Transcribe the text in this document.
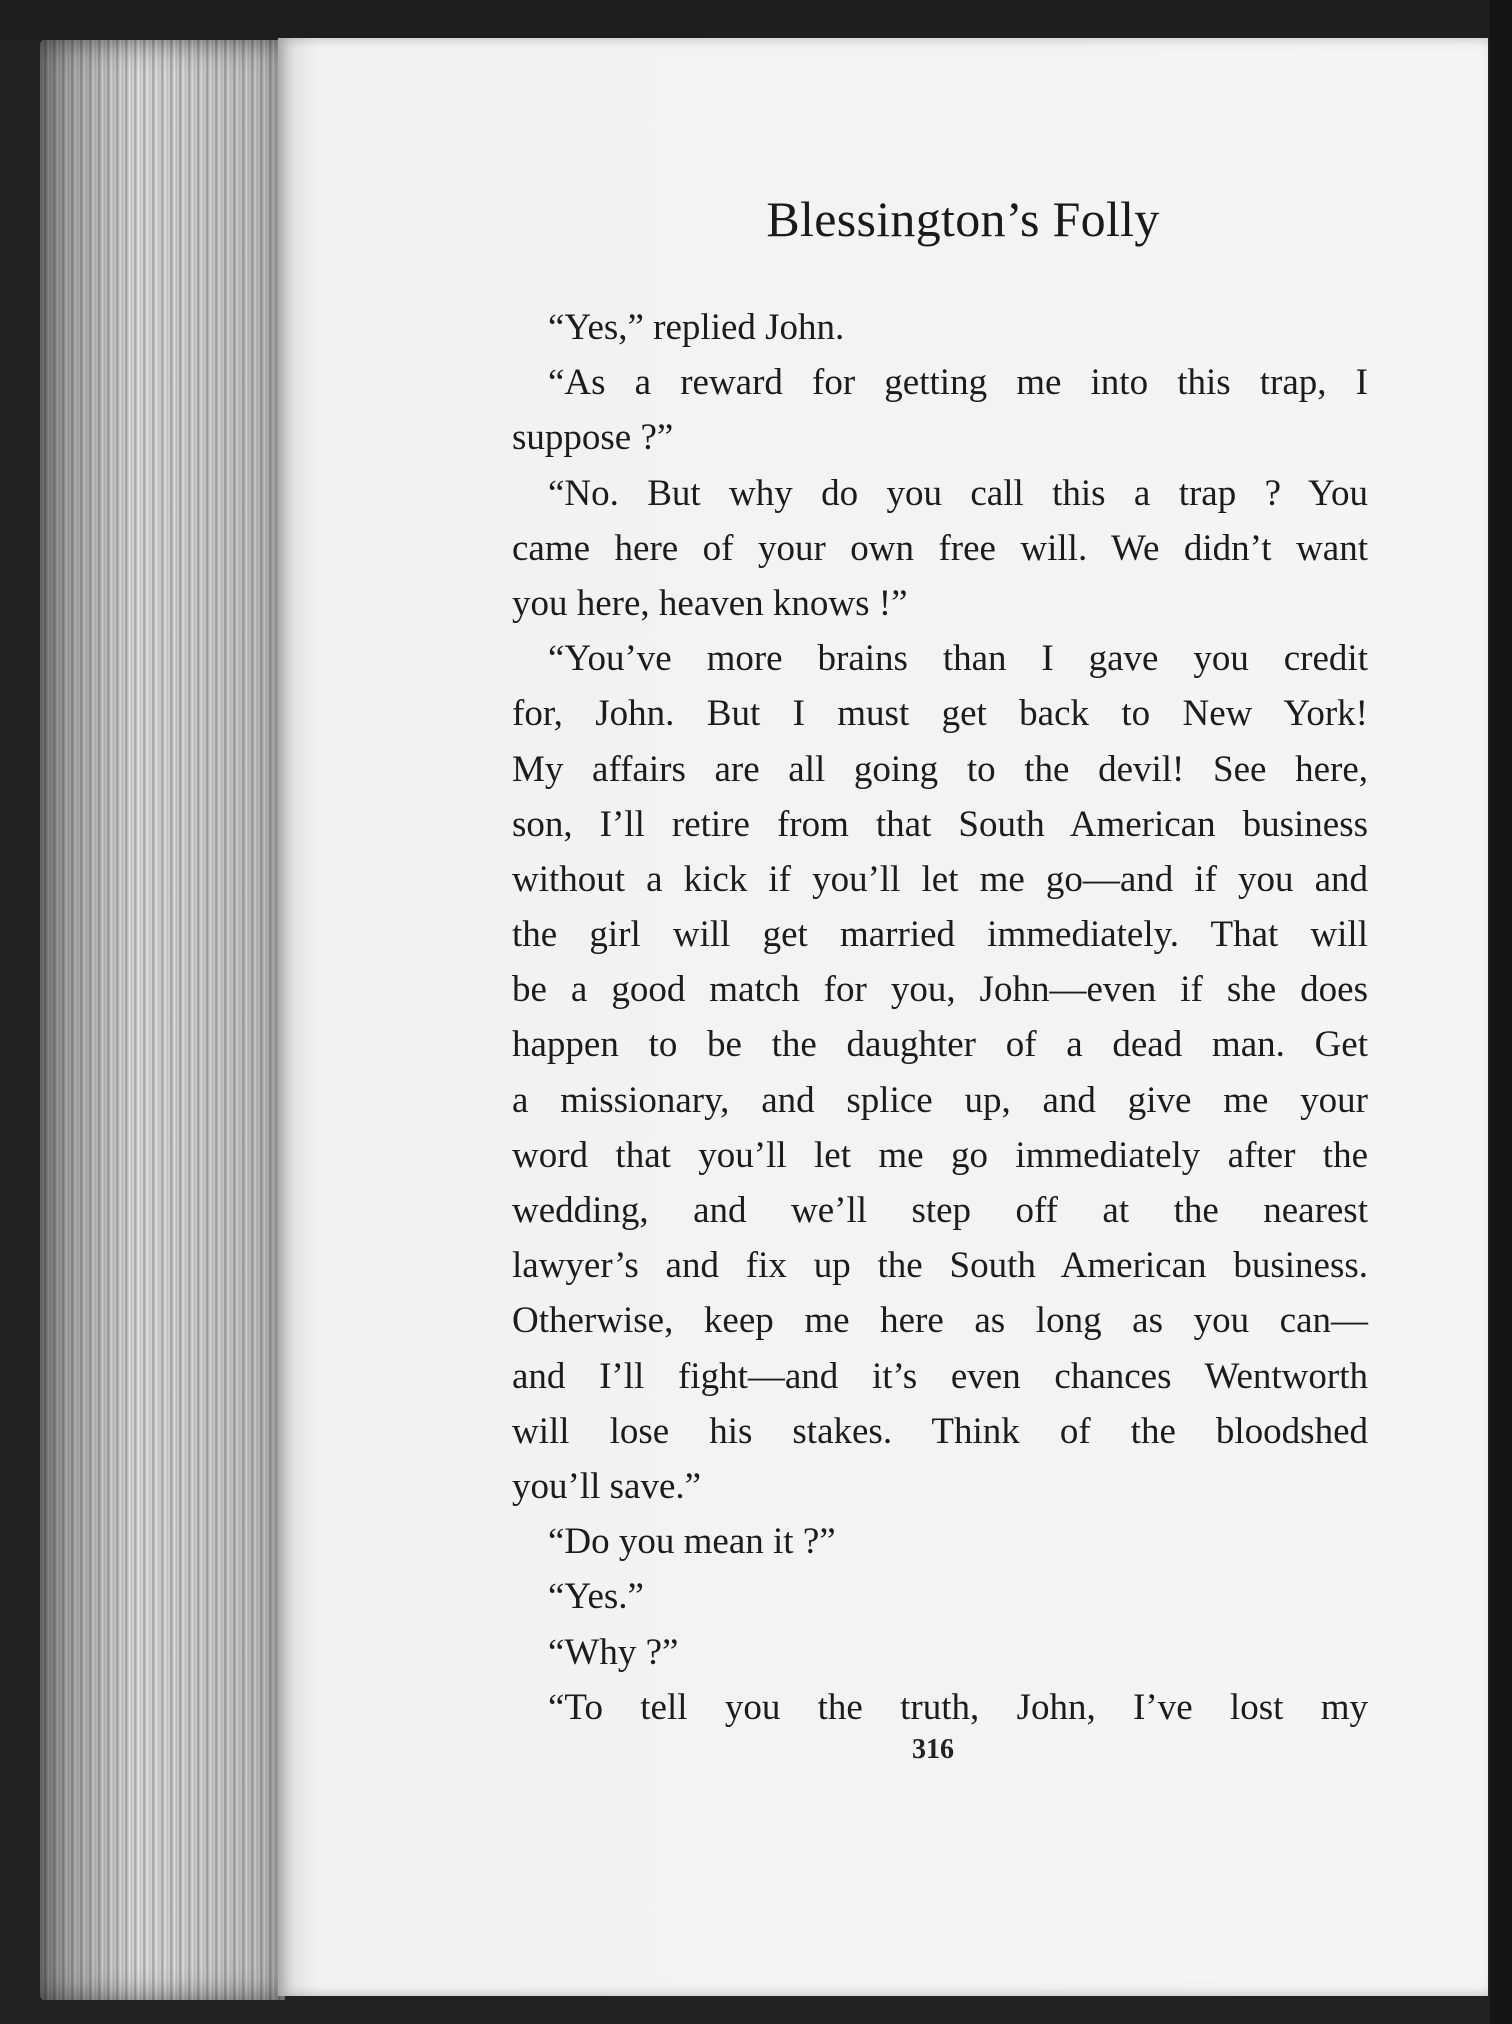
Blessington’s Folly
“Yes,” replied John.
“As a reward for getting me into this trap, I
suppose ?”
“No. But why do you call this a trap ? You
came here of your own free will. We didn’t want
you here, heaven knows !”
“You’ve more brains than I gave you credit
for, John. But I must get back to New York!
My affairs are all going to the devil! See here,
son, I’ll retire from that South American business
without a kick if you’ll let me go—and if you and
the girl will get married immediately. That will
be a good match for you, John—even if she does
happen to be the daughter of a dead man. Get
a missionary, and splice up, and give me your
word that you’ll let me go immediately after the
wedding, and we’ll step off at the nearest
lawyer’s and fix up the South American business.
Otherwise, keep me here as long as you can—
and I’ll fight—and it’s even chances Wentworth
will lose his stakes. Think of the bloodshed
you’ll save.”
“Do you mean it ?”
“Yes.”
“Why ?”
“To tell you the truth, John, I’ve lost my
316
